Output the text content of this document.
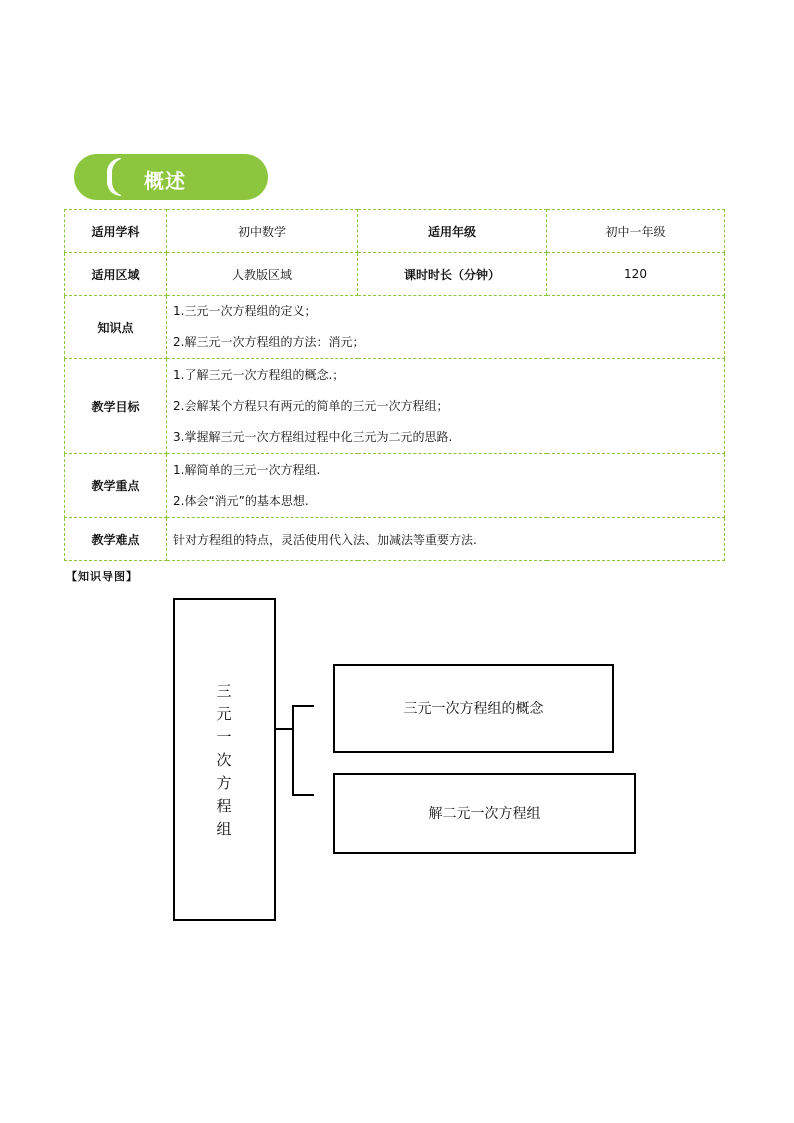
概述
适用学科	初中数学	适用年级	初中一年级
适用区域	人教版区域	课时时长（分钟）	120
知识点	1.三元一次方程组的定义；
2.解三元一次方程组的方法：消元；		

教学目标	1.了解三元一次方程组的概念.；
2.会解某个方程只有两元的简单的三元一次方程组；
3.掌握解三元一次方程组过程中化三元为二元的思路.		

教学重点	1.解简单的三元一次方程组.
2.体会“消元”的基本思想.		

教学难点	针对方程组的特点，灵活使用代入法、加减法等重要方法.		
【知识导图】
三
元
一
次
方
程
组
三元一次方程组的概念
解二元一次方程组
